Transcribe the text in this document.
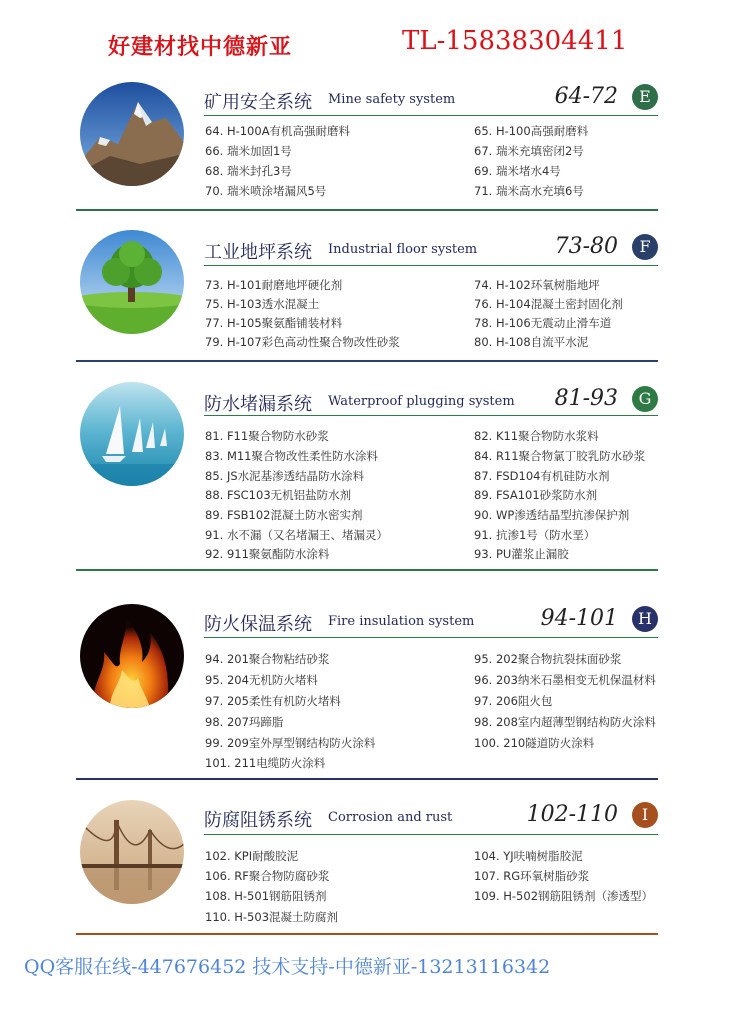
好建材找中德新亚	TL-15838304411
矿用安全系统 Mine safety system	64-72	E
64. H-100A有机高强耐磨料
66. 瑞米加固1号
68. 瑞米封孔3号
70. 瑞米喷涂堵漏风5号
65. H-100高强耐磨料
67. 瑞米充填密闭2号
69. 瑞米堵水4号
71. 瑞米高水充填6号
工业地坪系统 Industrial floor system	73-80	F
73. H-101耐磨地坪硬化剂
75. H-103透水混凝土
77. H-105聚氨酯铺装材料
79. H-107彩色高动性聚合物改性砂浆
74. H-102环氧树脂地坪
76. H-104混凝土密封固化剂
78. H-106无震动止滑车道
80. H-108自流平水泥
防水堵漏系统 Waterproof plugging system 81-93	G
81. F11聚合物防水砂浆
83. M11聚合物改性柔性防水涂料
85. JS水泥基渗透结晶防水涂料
88. FSC103无机铝盐防水剂
89. FSB102混凝土防水密实剂
91. 水不漏（又名堵漏王、堵漏灵）
92. 911聚氨酯防水涂料
82. K11聚合物防水浆料
84. R11聚合物氯丁胶乳防水砂浆
87. FSD104有机硅防水剂
89. FSA101砂浆防水剂
90. WP渗透结晶型抗渗保护剂
91. 抗渗1号（防水垩）
93. PU灌浆止漏胶
防火保温系统 Fire insulation system	94-101	H
94. 201聚合物粘结砂浆
95. 204无机防火堵料
97. 205柔性有机防火堵料
98. 207玛蹄脂
99. 209室外厚型钢结构防火涂料
101. 211电缆防火涂料
95. 202聚合物抗裂抹面砂浆
96. 203纳米石墨相变无机保温材料
97. 206阻火包
98. 208室内超薄型钢结构防火涂料
100. 210隧道防火涂料
防腐阻锈系统 Corrosion and rust	102-110	I
102. KPI耐酸胶泥
106. RF聚合物防腐砂浆
108. H-501钢筋阻锈剂
110. H-503混凝土防腐剂
104. YJ呋喃树脂胶泥
107. RG环氧树脂砂浆
109. H-502钢筋阻锈剂（渗透型）
QQ客服在线-447676452 技术支持-中德新亚-13213116342
